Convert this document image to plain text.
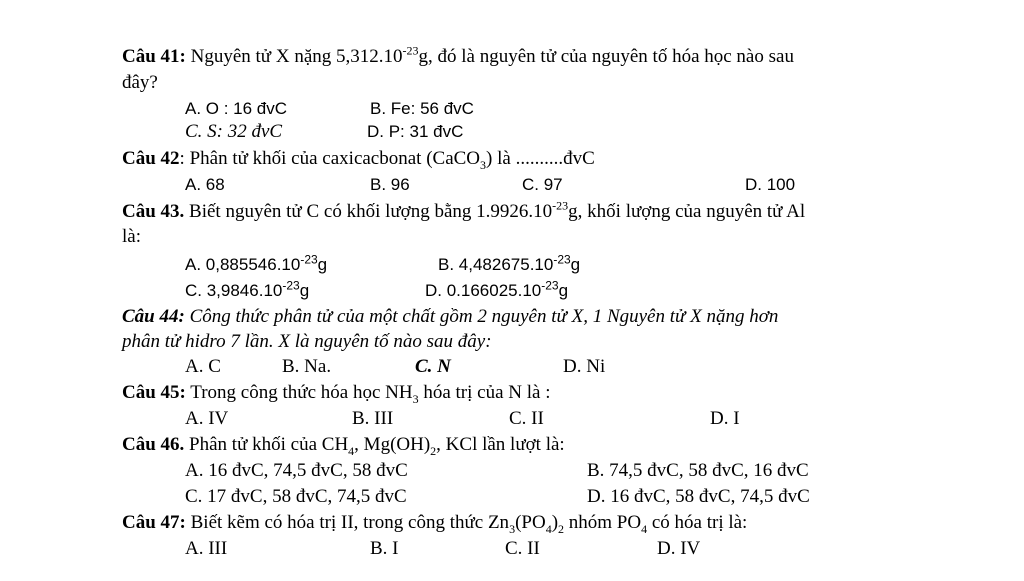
Câu 41: Nguyên tử X nặng $5,312.10^{-23}g$, đó là nguyên tử của nguyên tố hóa học nào sau
đây?
A. O : 16 đvC	B. Fe: 56 đvC
C. S: 32 đvC	D. P: 31 đvC
Câu 42: Phân tử khối của caxicacbonat (CaCO$_3$) là ..........đvC
A. 68	B. 96	C. 97	D. 100
Câu 43. Biết nguyên tử C có khối lượng bằng $1.9926.10^{-23}g$, khối lượng của nguyên tử Al
là:
A. $0,885546.10^{-23}g$	B. $4,482675.10^{-23}g$
C. $3,9846.10^{-23}g$	D. $0.166025.10^{-23}g$
Câu 44: Công thức phân tử của một chất gồm 2 nguyên tử X, 1 Nguyên tử X nặng hơn
phân tử hidro 7 lần. X là nguyên tố nào sau đây:
A. C	B. Na.	C. N	D. Ni
Câu 45: Trong công thức hóa học $NH_3$ hóa trị của N là :
A. IV	B. III	C. II	D. I
Câu 46. Phân tử khối của $CH_4$, $Mg(OH)_2$, KCl lần lượt là:
A. 16 đvC, 74,5 đvC, 58 đvC	B. 74,5 đvC, 58 đvC, 16 đvC
C. 17 đvC, 58 đvC, 74,5 đvC	D. 16 đvC, 58 đvC, 74,5 đvC
Câu 47: Biết kẽm có hóa trị II, trong công thức $Zn_3(PO_4)_2$ nhóm $PO_4$ có hóa trị là:
A. III	B. I	C. II	D. IV
